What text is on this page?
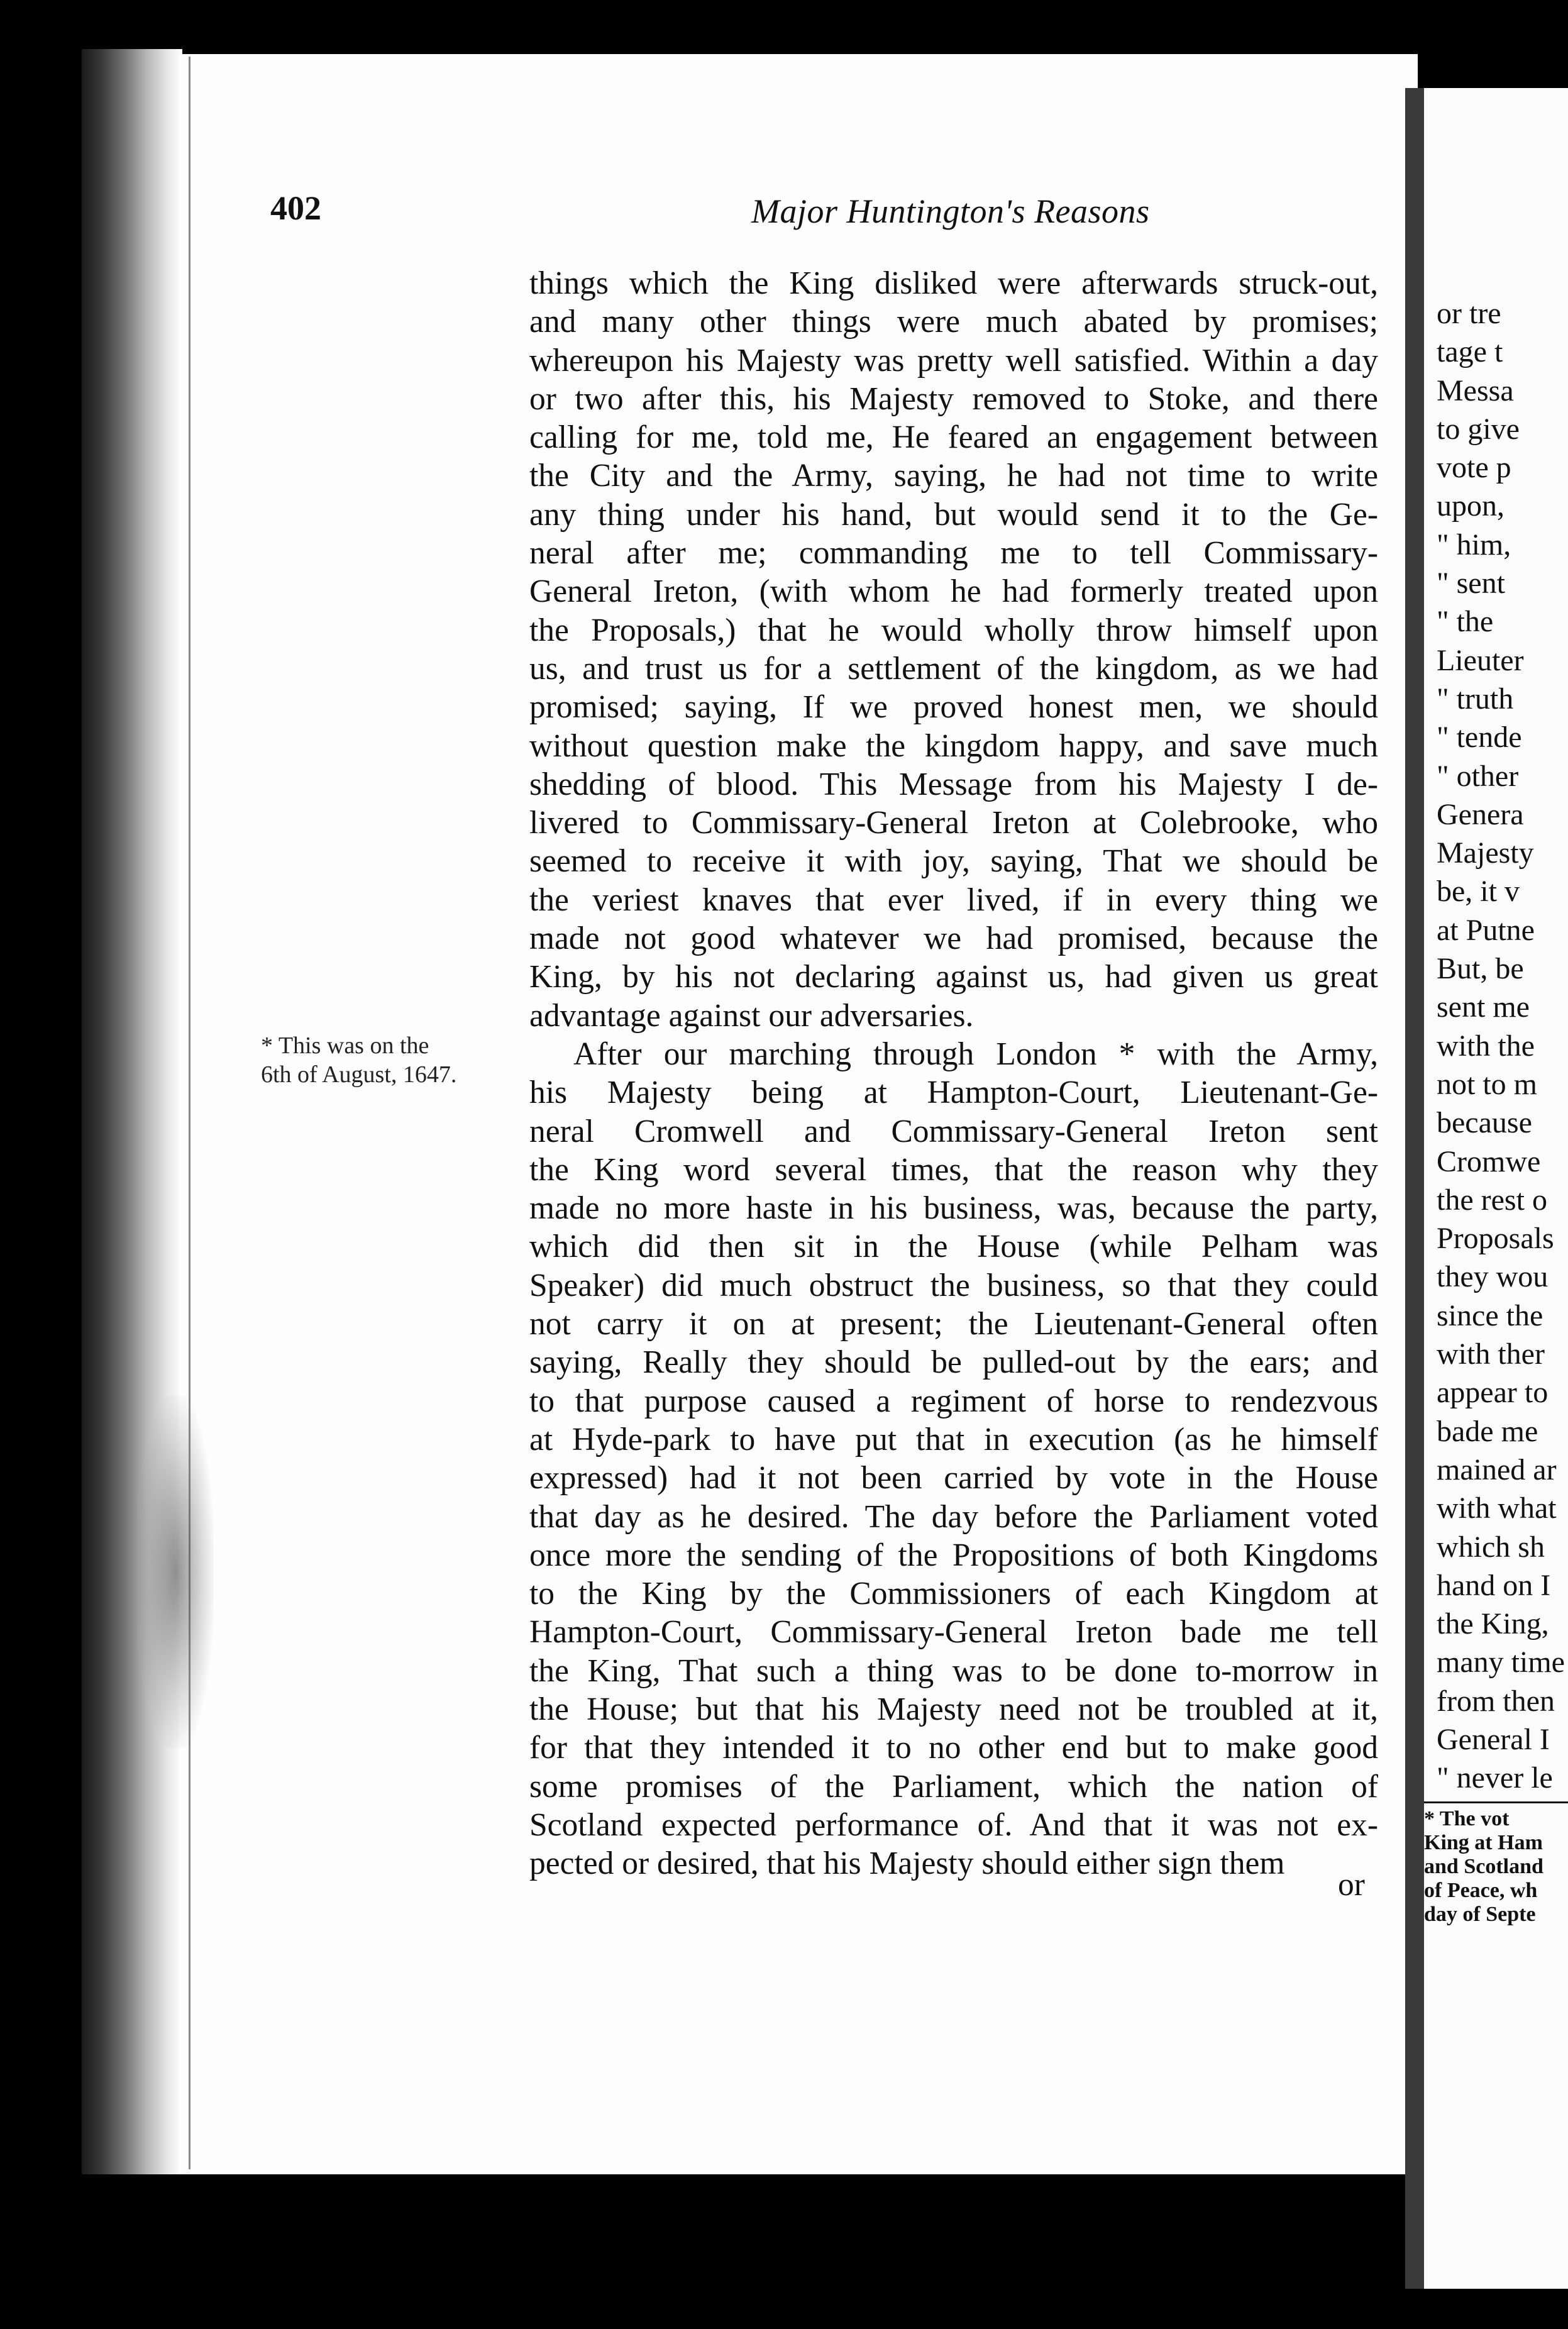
402	Major Huntington's Reasons
things which the King disliked were afterwards struck-out,
and many other things were much abated by promises;
whereupon his Majesty was pretty well satisfied. Within a day
or two after this, his Majesty removed to Stoke, and there
calling for me, told me, He feared an engagement between
the City and the Army, saying, he had not time to write
any thing under his hand, but would send it to the Ge-
neral after me; commanding me to tell Commissary-
General Ireton, (with whom he had formerly treated upon
the Proposals,) that he would wholly throw himself upon
us, and trust us for a settlement of the kingdom, as we had
promised; saying, If we proved honest men, we should
without question make the kingdom happy, and save much
shedding of blood. This Message from his Majesty I de-
livered to Commissary-General Ireton at Colebrooke, who
seemed to receive it with joy, saying, That we should be
the veriest knaves that ever lived, if in every thing we
made not good whatever we had promised, because the
King, by his not declaring against us, had given us great
advantage against our adversaries.
After our marching through London * with the Army,
his Majesty being at Hampton-Court, Lieutenant-Ge-
neral Cromwell and Commissary-General Ireton sent
the King word several times, that the reason why they
made no more haste in his business, was, because the party,
which did then sit in the House (while Pelham was
Speaker) did much obstruct the business, so that they could
not carry it on at present; the Lieutenant-General often
saying, Really they should be pulled-out by the ears; and
to that purpose caused a regiment of horse to rendezvous
at Hyde-park to have put that in execution (as he himself
expressed) had it not been carried by vote in the House
that day as he desired. The day before the Parliament voted
once more the sending of the Propositions of both Kingdoms
to the King by the Commissioners of each Kingdom at
Hampton-Court, Commissary-General Ireton bade me tell
the King, That such a thing was to be done to-morrow in
the House; but that his Majesty need not be troubled at it,
for that they intended it to no other end but to make good
some promises of the Parliament, which the nation of
Scotland expected performance of. And that it was not ex-
pected or desired, that his Majesty should either sign them
or
* This was on the
6th of August, 1647.
or tre
tage t
Messa
to give
vote p
upon,
" him,
" sent
" the
Lieuter
" truth
" tende
" other
Genera
Majesty
be, it v
at Putne
But, be
sent me
with the
not to m
because
Cromwe
the rest o
Proposals
they wou
since the
with ther
appear to
bade me
mained ar
with what
which sh
hand on I
the King,
many time
from then
General I
" never le
* The vot
King at Ham
and Scotland
of Peace, wh
day of Septe
